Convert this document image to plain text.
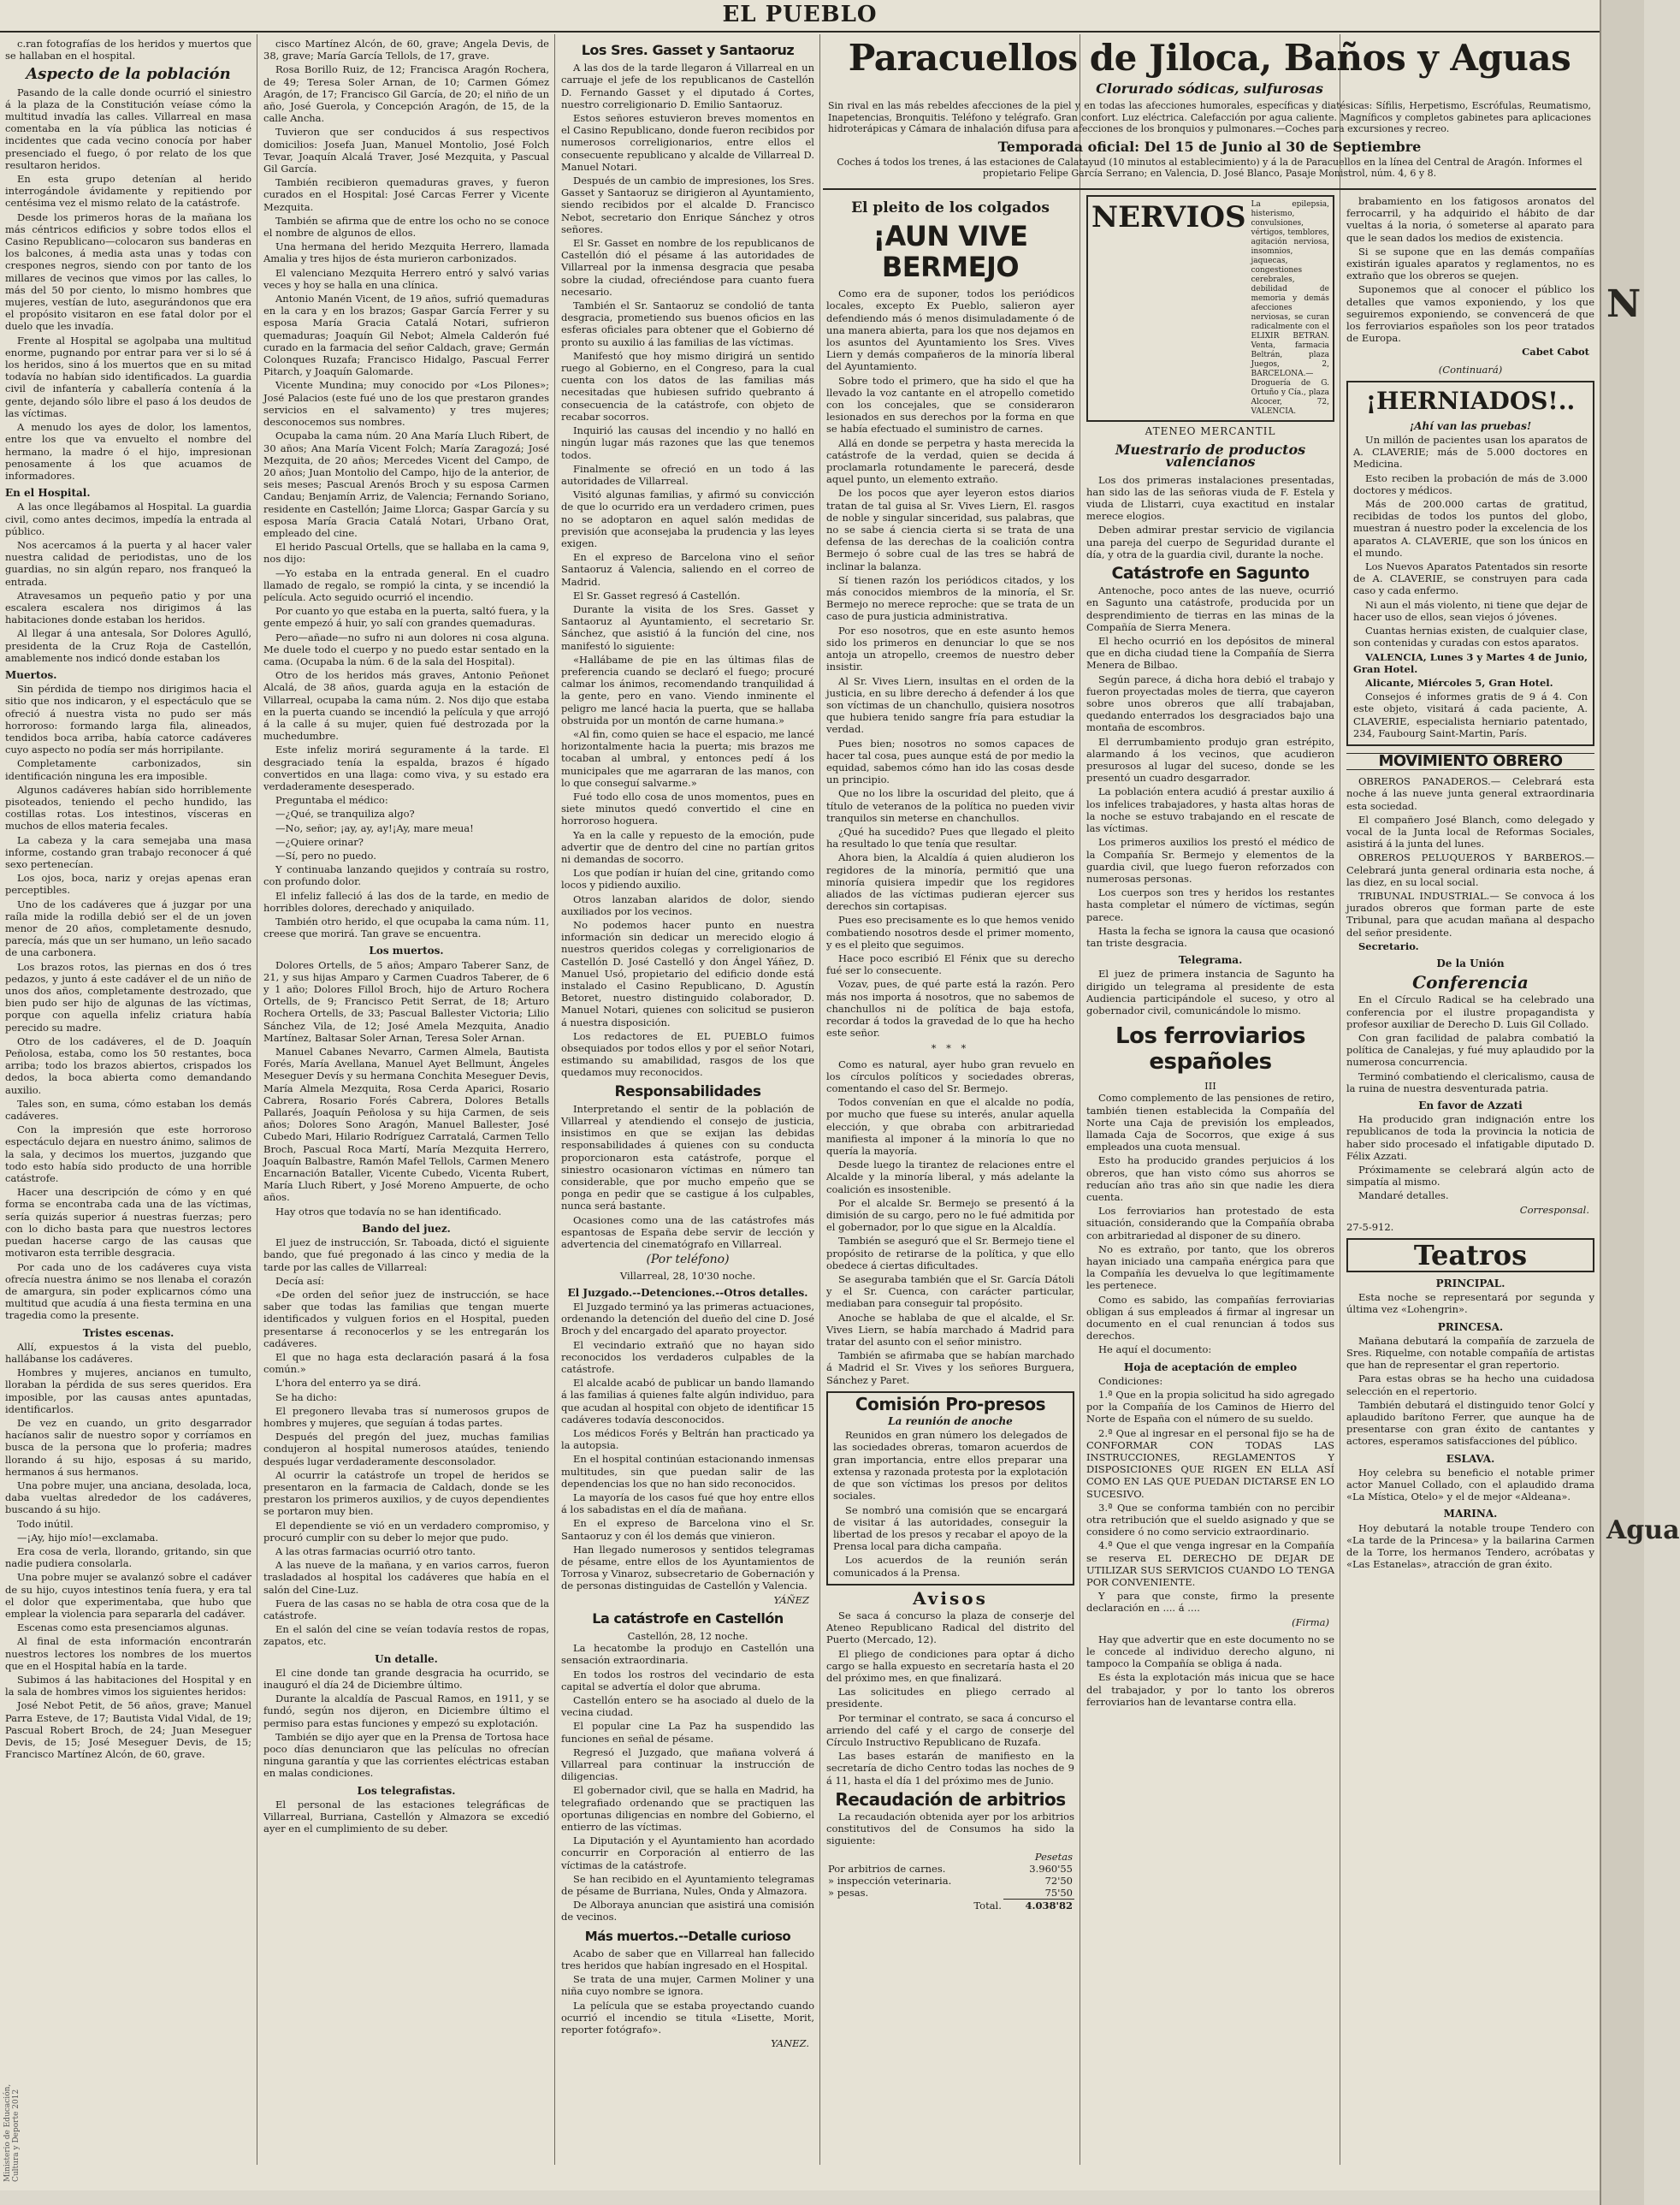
EL PUEBLO

c.ran fotografías de los heridos y muertos que se hallaban en el hospital.

Aspecto de la población

Pasando de la calle donde ocurrió el siniestro á la plaza de la Constitución veíase cómo la multitud invadía las calles. Villarreal en masa comentaba en la vía pública las noticias é incidentes que cada vecino conocía por haber presenciado el fuego, ó por relato de los que resultaron heridos.

En esta grupo detenían al herido interrogándole ávidamente y repitiendo por centésima vez el mismo relato de la catástrofe.

Desde los primeros horas de la mañana los más céntricos edificios y sobre todos ellos el Casino Republicano—colocaron sus banderas en los balcones, á media asta unas y todas con crespones negros, siendo con por tanto de los millares de vecinos que vimos por las calles, lo más del 50 por ciento, lo mismo hombres que mujeres, vestían de luto, asegurándonos que era el propósito visitaron en ese fatal dolor por el duelo que les invadía.

Frente al Hospital se agolpaba una multitud enorme, pugnando por entrar para ver si lo sé á los heridos, sino á los muertos que en su mitad todavía no habían sido identificados. La guardia civil de infantería y caballería contenía á la gente, dejando sólo libre el paso á los deudos de las víctimas.

A menudo los ayes de dolor, los lamentos, entre los que va envuelto el nombre del hermano, la madre ó el hijo, impresionan penosamente á los que acuamos de informadores.

En el Hospital.

A las once llegábamos al Hospital. La guardia civil, como antes decimos, impedía la entrada al público.

Nos acercamos á la puerta y al hacer valer nuestra calidad de periodistas, uno de los guardias, no sin algún reparo, nos franqueó la entrada.

Atravesamos un pequeño patio y por una escalera escalera nos dirigimos á las habitaciones donde estaban los heridos.

Al llegar á una antesala, Sor Dolores Agulló, presidenta de la Cruz Roja de Castellón, amablemente nos indicó donde estaban los

Muertos.

Sin pérdida de tiempo nos dirigimos hacia el sitio que nos indicaron, y el espectáculo que se ofreció á nuestra vista no pudo ser más horroroso: formando larga fila, alineados, tendidos boca arriba, había catorce cadáveres cuyo aspecto no podía ser más horripilante.

Completamente carbonizados, sin identificación ninguna les era imposible.

Algunos cadáveres habían sido horriblemente pisoteados, teniendo el pecho hundido, las costillas rotas. Los intestinos, vísceras en muchos de ellos materia fecales.

La cabeza y la cara semejaba una masa informe, costando gran trabajo reconocer á qué sexo pertenecían.

Los ojos, boca, nariz y orejas apenas eran perceptibles.

Uno de los cadáveres que á juzgar por una raíla mide la rodilla debió ser el de un joven menor de 20 años, completamente desnudo, parecía, más que un ser humano, un leño sacado de una carbonera.

Los brazos rotos, las piernas en dos ó tres pedazos, y junto á este cadáver el de un niño de unos dos años, completamente destrozado, que bien pudo ser hijo de algunas de las víctimas, porque con aquella infeliz criatura había perecido su madre.

Otro de los cadáveres, el de D. Joaquín Peñolosa, estaba, como los 50 restantes, boca arriba; todo los brazos abiertos, crispados los dedos, la boca abierta como demandando auxilio.

Tales son, en suma, cómo estaban los demás cadáveres.

Con la impresión que este horroroso espectáculo dejara en nuestro ánimo, salimos de la sala, y decimos los muertos, juzgando que todo esto había sido producto de una horrible catástrofe.

Hacer una descripción de cómo y en qué forma se encontraba cada una de las víctimas, sería quizás superior á nuestras fuerzas; pero con lo dicho basta para que nuestros lectores puedan hacerse cargo de las causas que motivaron esta terrible desgracia.

Por cada uno de los cadáveres cuya vista ofrecía nuestra ánimo se nos llenaba el corazón de amargura, sin poder explicarnos cómo una multitud que acudía á una fiesta termina en una tragedia como la presente.

Tristes escenas.

Allí, expuestos á la vista del pueblo, hallábanse los cadáveres.

Hombres y mujeres, ancianos en tumulto, lloraban la pérdida de sus seres queridos. Era imposible, por las causas antes apuntadas, identificarlos.

De vez en cuando, un grito desgarrador hacíanos salir de nuestro sopor y corríamos en busca de la persona que lo proferia; madres llorando á su hijo, esposas á su marido, hermanos á sus hermanos.

Una pobre mujer, una anciana, desolada, loca, daba vueltas alrededor de los cadáveres, buscando á su hijo.

Todo inútil.

—¡Ay, hijo mío!—exclamaba.

Era cosa de verla, llorando, gritando, sin que nadie pudiera consolarla.

Una pobre mujer se avalanzó sobre el cadáver de su hijo, cuyos intestinos tenía fuera, y era tal el dolor que experimentaba, que hubo que emplear la violencia para separarla del cadáver.

Escenas como esta presenciamos algunas.

Al final de esta información encontrarán nuestros lectores los nombres de los muertos que en el Hospital había en la tarde.

Subimos á las habitaciones del Hospital y en la sala de hombres vimos los siguientes heridos:

José Nebot Petit, de 56 años, grave; Manuel Parra Esteve, de 17; Bautista Vidal Vidal, de 19; Pascual Robert Broch, de 24; Juan Meseguer Devis, de 15; José Meseguer Devis, de 15; Francisco Martínez Alcón, de 60, grave.

cisco Martínez Alcón, de 60, grave; Angela Devis, de 38, grave; María García Tellols, de 17, grave.

Rosa Borillo Ruiz, de 12; Francisca Aragón Rochera, de 49; Teresa Soler Arnan, de 10; Carmen Gómez Aragón, de 17; Francisco Gil García, de 20; el niño de un año, José Guerola, y Concepción Aragón, de 15, de la calle Ancha.

Tuvieron que ser conducidos á sus respectivos domicilios: Josefa Juan, Manuel Montolio, José Folch Tevar, Joaquín Alcalá Traver, José Mezquita, y Pascual Gil García.

También recibieron quemaduras graves, y fueron curados en el Hospital: José Carcas Ferrer y Vicente Mezquita.

También se afirma que de entre los ocho no se conoce el nombre de algunos de ellos.

Una hermana del herido Mezquita Herrero, llamada Amalia y tres hijos de ésta murieron carbonizados.

El valenciano Mezquita Herrero entró y salvó varias veces y hoy se halla en una clínica.

Antonio Manén Vicent, de 19 años, sufrió quemaduras en la cara y en los brazos; Gaspar García Ferrer y su esposa María Gracia Catalá Notari, sufrieron quemaduras; Joaquín Gil Nebot; Almela Calderón fué curado en la farmacia del señor Caldach, grave; Germán Colonques Ruzafa; Francisco Hidalgo, Pascual Ferrer Pitarch, y Joaquín Galomarde.

Vicente Mundina; muy conocido por «Los Pilones»; José Palacios (este fué uno de los que prestaron grandes servicios en el salvamento) y tres mujeres; desconocemos sus nombres.

Ocupaba la cama núm. 20 Ana María Lluch Ribert, de 30 años; Ana María Vicent Folch; María Zaragozá; José Mezquita, de 20 años; Mercedes Vicent del Campo, de 20 años; Juan Montolio del Campo, hijo de la anterior, de seis meses; Pascual Arenós Broch y su esposa Carmen Candau; Benjamín Arriz, de Valencia; Fernando Soriano, residente en Castellón; Jaime Llorca; Gaspar García y su esposa María Gracia Catalá Notari, Urbano Orat, empleado del cine.

El herido Pascual Ortells, que se hallaba en la cama 9, nos dijo:

—Yo estaba en la entrada general. En el cuadro llamado de regalo, se rompió la cinta, y se incendió la película. Acto seguido ocurrió el incendio.

Por cuanto yo que estaba en la puerta, saltó fuera, y la gente empezó á huir, yo salí con grandes quemaduras.

Pero—añade—no sufro ni aun dolores ni cosa alguna. Me duele todo el cuerpo y no puedo estar sentado en la cama. (Ocupaba la núm. 6 de la sala del Hospital).

Otro de los heridos más graves, Antonio Peñonet Alcalá, de 38 años, guarda aguja en la estación de Villarreal, ocupaba la cama núm. 2. Nos dijo que estaba en la puerta cuando se incendió la película y que arrojó á la calle á su mujer, quien fué destrozada por la muchedumbre.

Este infeliz morirá seguramente á la tarde. El desgraciado tenía la espalda, brazos é hígado convertidos en una llaga: como viva, y su estado era verdaderamente desesperado.

Preguntaba el médico:

—¿Qué, se tranquiliza algo?

—No, señor; ¡ay, ay, ay!¡Ay, mare meua!

—¿Quiere orinar?

—Sí, pero no puedo.

Y continuaba lanzando quejidos y contraía su rostro, con profundo dolor.

El infeliz falleció á las dos de la tarde, en medio de horribles dolores, derechado y aniquilado.

También otro herido, el que ocupaba la cama núm. 11, creese que morirá. Tan grave se encuentra.

Los muertos.

Dolores Ortells, de 5 años; Amparo Taberer Sanz, de 21, y sus hijas Amparo y Carmen Cuadros Taberer, de 6 y 1 año; Dolores Fillol Broch, hijo de Arturo Rochera Ortells, de 9; Francisco Petit Serrat, de 18; Arturo Rochera Ortells, de 33; Pascual Ballester Victoria; Lilio Sánchez Vila, de 12; José Amela Mezquita, Anadio Martínez, Baltasar Soler Arnan, Teresa Soler Arnan.

Manuel Cabanes Nevarro, Carmen Almela, Bautista Forés, María Avellana, Manuel Ayet Bellmunt, Ángeles Meseguer Devís y su hermana Conchita Meseguer Devis, María Almela Mezquita, Rosa Cerda Aparici, Rosario Cabrera, Rosario Forés Cabrera, Dolores Betalls Pallarés, Joaquín Peñolosa y su hija Carmen, de seis años; Dolores Sono Aragón, Manuel Ballester, José Cubedo Mari, Hilario Rodríguez Carratalá, Carmen Tello Broch, Pascual Roca Martí, María Mezquita Herrero, Joaquín Balbastre, Ramón Mafel Tellols, Carmen Menero Encarnación Bataller, Vicente Cubedo, Vicenta Rubert, María Lluch Ribert, y José Moreno Ampuerte, de ocho años.

Hay otros que todavía no se han identificado.

Bando del juez.

El juez de instrucción, Sr. Taboada, dictó el siguiente bando, que fué pregonado á las cinco y media de la tarde por las calles de Villarreal:

Decía así:

«De orden del señor juez de instrucción, se hace saber que todas las familias que tengan muerte identificados y vulguen forios en el Hospital, pueden presentarse á reconocerlos y se les entregarán los cadáveres.

El que no haga esta declaración pasará á la fosa común.»

L'hora del enterro ya se dirá.

Se ha dicho:

El pregonero llevaba tras sí numerosos grupos de hombres y mujeres, que seguían á todas partes.

Después del pregón del juez, muchas familias condujeron al hospital numerosos ataúdes, teniendo después lugar verdaderamente desconsolador.

Al ocurrir la catástrofe un tropel de heridos se presentaron en la farmacia de Caldach, donde se les prestaron los primeros auxilios, y de cuyos dependientes se portaron muy bien.

El dependiente se vió en un verdadero compromiso, y procuró cumplir con su deber lo mejor que pudo.

A las otras farmacias ocurrió otro tanto.

A las nueve de la mañana, y en varios carros, fueron trasladados al hospital los cadáveres que había en el salón del Cine-Luz.

Fuera de las casas no se habla de otra cosa que de la catástrofe.

En el salón del cine se veían todavía restos de ropas, zapatos, etc.

Un detalle.

El cine donde tan grande desgracia ha ocurrido, se inauguró el día 24 de Diciembre último.

Durante la alcaldía de Pascual Ramos, en 1911, y se fundó, según nos dijeron, en Diciembre último el permiso para estas funciones y empezó su explotación.

También se dijo ayer que en la Prensa de Tortosa hace poco días denunciaron que las películas no ofrecían ninguna garantía y que las corrientes eléctricas estaban en malas condiciones.

Los telegrafistas.

El personal de las estaciones telegráficas de Villarreal, Burriana, Castellón y Almazora se excedió ayer en el cumplimiento de su deber.

Los Sres. Gasset y Santaoruz

A las dos de la tarde llegaron á Villarreal en un carruaje el jefe de los republicanos de Castellón D. Fernando Gasset y el diputado á Cortes, nuestro correligionario D. Emilio Santaoruz.

Estos señores estuvieron breves momentos en el Casino Republicano, donde fueron recibidos por numerosos correligionarios, entre ellos el consecuente republicano y alcalde de Villarreal D. Manuel Notari.

Después de un cambio de impresiones, los Sres. Gasset y Santaoruz se dirigieron al Ayuntamiento, siendo recibidos por el alcalde D. Francisco Nebot, secretario don Enrique Sánchez y otros señores.

El Sr. Gasset en nombre de los republicanos de Castellón dió el pésame á las autoridades de Villarreal por la inmensa desgracia que pesaba sobre la ciudad, ofreciéndose para cuanto fuera necesario.

También el Sr. Santaoruz se condolió de tanta desgracia, prometiendo sus buenos oficios en las esferas oficiales para obtener que el Gobierno dé pronto su auxilio á las familias de las víctimas.

Manifestó que hoy mismo dirigirá un sentido ruego al Gobierno, en el Congreso, para la cual cuenta con los datos de las familias más necesitadas que hubiesen sufrido quebranto á consecuencia de la catástrofe, con objeto de recabar socorros.

Inquirió las causas del incendio y no halló en ningún lugar más razones que las que tenemos todos.

Finalmente se ofreció en un todo á las autoridades de Villarreal.

Visitó algunas familias, y afirmó su convicción de que lo ocurrido era un verdadero crimen, pues no se adoptaron en aquel salón medidas de previsión que aconsejaba la prudencia y las leyes exigen.

En el expreso de Barcelona vino el señor Santaoruz á Valencia, saliendo en el correo de Madrid.

El Sr. Gasset regresó á Castellón.

Durante la visita de los Sres. Gasset y Santaoruz al Ayuntamiento, el secretario Sr. Sánchez, que asistió á la función del cine, nos manifestó lo siguiente:

«Hallábame de pie en las últimas filas de preferencia cuando se declaró el fuego; procuré calmar los ánimos, recomendando tranquilidad á la gente, pero en vano. Viendo inminente el peligro me lancé hacia la puerta, que se hallaba obstruida por un montón de carne humana.»

«Al fin, como quien se hace el espacio, me lancé horizontalmente hacia la puerta; mis brazos me tocaban al umbral, y entonces pedí á los municipales que me agarraran de las manos, con lo que conseguí salvarme.»

Fué todo ello cosa de unos momentos, pues en siete minutos quedó convertido el cine en horroroso hoguera.

Ya en la calle y repuesto de la emoción, pude advertir que de dentro del cine no partían gritos ni demandas de socorro.

Los que podían ir huían del cine, gritando como locos y pidiendo auxilio.

Otros lanzaban alaridos de dolor, siendo auxiliados por los vecinos.

No podemos hacer punto en nuestra información sin dedicar un merecido elogio á nuestros queridos colegas y correligionarios de Castellón D. José Castelló y don Ángel Yáñez, D. Manuel Usó, propietario del edificio donde está instalado el Casino Republicano, D. Agustín Betoret, nuestro distinguido colaborador, D. Manuel Notari, quienes con solicitud se pusieron á nuestra disposición.

Los redactores de EL PUEBLO fuimos obsequiados por todos ellos y por el señor Notari, estimando su amabilidad, rasgos de los que quedamos muy reconocidos.

Responsabilidades

Interpretando el sentir de la población de Villarreal y atendiendo el consejo de justicia, insistimos en que se exijan las debidas responsabilidades á quienes con su conducta proporcionaron esta catástrofe, porque el siniestro ocasionaron víctimas en número tan considerable, que por mucho empeño que se ponga en pedir que se castigue á los culpables, nunca será bastante.

Ocasiones como una de las catástrofes más espantosas de España debe servir de lección y advertencia del cinematógrafo en Villarreal.

(Por teléfono)
Villarreal, 28, 10'30 noche.
El Juzgado.--Detenciones.--Otros detalles.

El Juzgado terminó ya las primeras actuaciones, ordenando la detención del dueño del cine D. José Broch y del encargado del aparato proyector.

El vecindario extrañó que no hayan sido reconocidos los verdaderos culpables de la catástrofe.

El alcalde acabó de publicar un bando llamando á las familias á quienes falte algún individuo, para que acudan al hospital con objeto de identificar 15 cadáveres todavía desconocidos.

Los médicos Forés y Beltrán han practicado ya la autopsia.

En el hospital continúan estacionando inmensas multitudes, sin que puedan salir de las dependencias los que no han sido reconocidos.

La mayoría de los casos fué que hoy entre ellos á los sabadistas en el día de mañana.

En el expreso de Barcelona vino el Sr. Santaoruz y con él los demás que vinieron.

Han llegado numerosos y sentidos telegramas de pésame, entre ellos de los Ayuntamientos de Torrosa y Vinaroz, subsecretario de Gobernación y de personas distinguidas de Castellón y Valencia.

YÁÑEZ
La catástrofe en Castellón
Castellón, 28, 12 noche.

La hecatombe la produjo en Castellón una sensación extraordinaria.

En todos los rostros del vecindario de esta capital se advertía el dolor que abruma.

Castellón entero se ha asociado al duelo de la vecina ciudad.

El popular cine La Paz ha suspendido las funciones en señal de pésame.

Regresó el Juzgado, que mañana volverá á Villarreal para continuar la instrucción de diligencias.

El gobernador civil, que se halla en Madrid, ha telegrafiado ordenando que se practiquen las oportunas diligencias en nombre del Gobierno, el entierro de las víctimas.

La Diputación y el Ayuntamiento han acordado concurrir en Corporación al entierro de las víctimas de la catástrofe.

Se han recibido en el Ayuntamiento telegramas de pésame de Burriana, Nules, Onda y Almazora.

De Alboraya anuncian que asistirá una comisión de vecinos.

Más muertos.--Detalle curioso

Acabo de saber que en Villarreal han fallecido tres heridos que habían ingresado en el Hospital.

Se trata de una mujer, Carmen Moliner y una niña cuyo nombre se ignora.

La película que se estaba proyectando cuando ocurrió el incendio se titula «Lisette, Morit, reporter fotógrafo».

YANEZ.
Paracuellos de Jiloca, Baños y Aguas
Clorurado sódicas, sulfurosas
Sin rival en las más rebeldes afecciones de la piel y en todas las afecciones humorales, específicas y diatésicas: Sífilis, Herpetismo, Escrófulas, Reumatismo, Inapetencias, Bronquitis. Teléfono y telégrafo. Gran confort. Luz eléctrica. Calefacción por agua caliente. Magníficos y completos gabinetes para aplicaciones hidroterápicas y Cámara de inhalación difusa para afecciones de los bronquios y pulmonares.—Coches para excursiones y recreo.
Temporada oficial: Del 15 de Junio al 30 de Septiembre
Coches á todos los trenes, á las estaciones de Calatayud (10 minutos al establecimiento) y á la de Paracuellos en la línea del Central de Aragón. Informes el propietario Felipe García Serrano; en Valencia, D. José Blanco, Pasaje Monistrol, núm. 4, 6 y 8.
El pleito de los colgados
¡AUN VIVE BERMEJO

Como era de suponer, todos los periódicos locales, excepto Ex Pueblo, salieron ayer defendiendo más ó menos disimuladamente ó de una manera abierta, para los que nos dejamos en los asuntos del Ayuntamiento los Sres. Vives Liern y demás compañeros de la minoría liberal del Ayuntamiento.

Sobre todo el primero, que ha sido el que ha llevado la voz cantante en el atropello cometido con los concejales, que se consideraron lesionados en sus derechos por la forma en que se había efectuado el suministro de carnes.

Allá en donde se perpetra y hasta merecida la catástrofe de la verdad, quien se decida á proclamarla rotundamente le parecerá, desde aquel punto, un elemento extraño.

De los pocos que ayer leyeron estos diarios tratan de tal guisa al Sr. Vives Liern, El. rasgos de noble y singular sinceridad, sus palabras, que no se sabe á ciencia cierta si se trata de una defensa de las derechas de la coalición contra Bermejo ó sobre cual de las tres se habrá de inclinar la balanza.

Sí tienen razón los periódicos citados, y los más conocidos miembros de la minoría, el Sr. Bermejo no merece reproche: que se trata de un caso de pura justicia administrativa.

Por eso nosotros, que en este asunto hemos sido los primeros en denunciar lo que se nos antoja un atropello, creemos de nuestro deber insistir.

Al Sr. Vives Liern, insultas en el orden de la justicia, en su libre derecho á defender á los que son víctimas de un chanchullo, quisiera nosotros que hubiera tenido sangre fría para estudiar la verdad.

Pues bien; nosotros no somos capaces de hacer tal cosa, pues aunque está de por medio la equidad, sabemos cómo han ido las cosas desde un principio.

Que no los libre la oscuridad del pleito, que á título de veteranos de la política no pueden vivir tranquilos sin meterse en chanchullos.

¿Qué ha sucedido? Pues que llegado el pleito ha resultado lo que tenía que resultar.

Ahora bien, la Alcaldía á quien aludieron los regidores de la minoría, permitió que una minoría quisiera impedir que los regidores aliados de las víctimas pudieran ejercer sus derechos sin cortapisas.

Pues eso precisamente es lo que hemos venido combatiendo nosotros desde el primer momento, y es el pleito que seguimos.

Hace poco escribió El Fénix que su derecho fué ser lo consecuente.

Vozav, pues, de qué parte está la razón. Pero más nos importa á nosotros, que no sabemos de chanchullos ni de política de baja estofa, recordar á todos la gravedad de lo que ha hecho este señor.

* * *

Como es natural, ayer hubo gran revuelo en los círculos políticos y sociedades obreras, comentando el caso del Sr. Bermejo.

Todos convenían en que el alcalde no podía, por mucho que fuese su interés, anular aquella elección, y que obraba con arbitrariedad manifiesta al imponer á la minoría lo que no quería la mayoría.

Desde luego la tirantez de relaciones entre el Alcalde y la minoría liberal, y más adelante la coalición es insostenible.

Por el alcalde Sr. Bermejo se presentó á la dimisión de su cargo, pero no le fué admitida por el gobernador, por lo que sigue en la Alcaldía.

También se aseguró que el Sr. Bermejo tiene el propósito de retirarse de la política, y que ello obedece á ciertas dificultades.

Se aseguraba también que el Sr. García Dátoli y el Sr. Cuenca, con carácter particular, mediaban para conseguir tal propósito.

Anoche se hablaba de que el alcalde, el Sr. Vives Liern, se había marchado á Madrid para tratar del asunto con el señor ministro.

También se afirmaba que se habían marchado á Madrid el Sr. Vives y los señores Burguera, Sánchez y Paret.

Comisión Pro-presos
La reunión de anoche

Reunidos en gran número los delegados de las sociedades obreras, tomaron acuerdos de gran importancia, entre ellos preparar una extensa y razonada protesta por la explotación de que son víctimas los presos por delitos sociales.

Se nombró una comisión que se encargará de visitar á las autoridades, conseguir la libertad de los presos y recabar el apoyo de la Prensa local para dicha campaña.

Los acuerdos de la reunión serán comunicados á la Prensa.

Avisos

Se saca á concurso la plaza de conserje del Ateneo Republicano Radical del distrito del Puerto (Mercado, 12).

El pliego de condiciones para optar á dicho cargo se halla expuesto en secretaría hasta el 20 del próximo mes, en que finalizará.

Las solicitudes en pliego cerrado al presidente.

Por terminar el contrato, se saca á concurso el arriendo del café y el cargo de conserje del Círculo Instructivo Republicano de Ruzafa.

Las bases estarán de manifiesto en la secretaría de dicho Centro todas las noches de 9 á 11, hasta el día 1 del próximo mes de Junio.

Recaudación de arbitrios

La recaudación obtenida ayer por los arbitrios constitutivos del de Consumos ha sido la siguiente:

	Pesetas
Por arbitrios de carnes.	3.960'55
» inspección veterinaria.	72'50
» pesas.	75'50
Total.	4.038'82
NERVIOS La epilepsia, histerismo, convulsiones, vértigos, temblores, agitación nerviosa, insomnios, jaquecas, congestiones cerebrales, debilidad de memoria y demás afecciones nerviosas, se curan radicalmente con el ELIXIR BETRAN. Venta, farmacia Beltrán, plaza Juegos, 2, BARCELONA.—Droguería de G. Ortuño y Cía., plaza Alcocer, 72, VALENCIA.
ATENEO MERCANTIL
Muestrario de productos valencianos

Los dos primeras instalaciones presentadas, han sido las de las señoras viuda de F. Estela y viuda de Llistarri, cuya exactitud en instalar merece elogios.

Deben admirar prestar servicio de vigilancia una pareja del cuerpo de Seguridad durante el día, y otra de la guardia civil, durante la noche.

Catástrofe en Sagunto

Antenoche, poco antes de las nueve, ocurrió en Sagunto una catástrofe, producida por un desprendimiento de tierras en las minas de la Compañía de Sierra Menera.

El hecho ocurrió en los depósitos de mineral que en dicha ciudad tiene la Compañía de Sierra Menera de Bilbao.

Según parece, á dicha hora debió el trabajo y fueron proyectadas moles de tierra, que cayeron sobre unos obreros que allí trabajaban, quedando enterrados los desgraciados bajo una montaña de escombros.

El derrumbamiento produjo gran estrépito, alarmando á los vecinos, que acudieron presurosos al lugar del suceso, donde se les presentó un cuadro desgarrador.

La población entera acudió á prestar auxilio á los infelices trabajadores, y hasta altas horas de la noche se estuvo trabajando en el rescate de las víctimas.

Los primeros auxilios los prestó el médico de la Compañía Sr. Bermejo y elementos de la guardia civil, que luego fueron reforzados con numerosas personas.

Los cuerpos son tres y heridos los restantes hasta completar el número de víctimas, según parece.

Hasta la fecha se ignora la causa que ocasionó tan triste desgracia.

Telegrama.

El juez de primera instancia de Sagunto ha dirigido un telegrama al presidente de esta Audiencia participándole el suceso, y otro al gobernador civil, comunicándole lo mismo.

Los ferroviarios españoles
III

Como complemento de las pensiones de retiro, también tienen establecida la Compañía del Norte una Caja de previsión los empleados, llamada Caja de Socorros, que exige á sus empleados una cuota mensual.

Esto ha producido grandes perjuicios á los obreros, que han visto cómo sus ahorros se reducían año tras año sin que nadie les diera cuenta.

Los ferroviarios han protestado de esta situación, considerando que la Compañía obraba con arbitrariedad al disponer de su dinero.

No es extraño, por tanto, que los obreros hayan iniciado una campaña enérgica para que la Compañía les devuelva lo que legítimamente les pertenece.

Como es sabido, las compañías ferroviarias obligan á sus empleados á firmar al ingresar un documento en el cual renuncian á todos sus derechos.

He aquí el documento:

Hoja de aceptación de empleo

Condiciones:

1.ª Que en la propia solicitud ha sido agregado por la Compañía de los Caminos de Hierro del Norte de España con el número de su sueldo.

2.ª Que al ingresar en el personal fijo se ha de CONFORMAR CON TODAS LAS INSTRUCCIONES, REGLAMENTOS Y DISPOSICIONES QUE RIGEN EN ELLA ASÍ COMO EN LAS QUE PUEDAN DICTARSE EN LO SUCESIVO.

3.ª Que se conforma también con no percibir otra retribución que el sueldo asignado y que se considere ó no como servicio extraordinario.

4.ª Que el que venga ingresar en la Compañía se reserva EL DERECHO DE DEJAR DE UTILIZAR SUS SERVICIOS CUANDO LO TENGA POR CONVENIENTE.

Y para que conste, firmo la presente declaración en .... á ....

(Firma)

Hay que advertir que en este documento no se le concede al individuo derecho alguno, ni tampoco la Compañía se obliga á nada.

Es ésta la explotación más inicua que se hace del trabajador, y por lo tanto los obreros ferroviarios han de levantarse contra ella.

brabamiento en los fatigosos aronatos del ferrocarril, y ha adquirido el hábito de dar vueltas á la noria, ó someterse al aparato para que le sean dados los medios de existencia.

Si se supone que en las demás compañías existirán iguales aparatos y reglamentos, no es extraño que los obreros se quejen.

Suponemos que al conocer el público los detalles que vamos exponiendo, y los que seguiremos exponiendo, se convencerá de que los ferroviarios españoles son los peor tratados de Europa.

Cabet Cabot
(Continuará)
¡HERNIADOS!..
¡Ahí van las pruebas!

Un millón de pacientes usan los aparatos de A. CLAVERIE; más de 5.000 doctores en Medicina.

Esto reciben la probación de más de 3.000 doctores y médicos.

Más de 200.000 cartas de gratitud, recibidas de todos los puntos del globo, muestran á nuestro poder la excelencia de los aparatos A. CLAVERIE, que son los únicos en el mundo.

Los Nuevos Aparatos Patentados sin resorte de A. CLAVERIE, se construyen para cada caso y cada enfermo.

Ni aun el más violento, ni tiene que dejar de hacer uso de ellos, sean viejos ó jóvenes.

Cuantas hernias existen, de cualquier clase, son contenidas y curadas con estos aparatos.

VALENCIA, Lunes 3 y Martes 4 de Junio, Gran Hotel.

Alicante, Miércoles 5, Gran Hotel.

Consejos é informes gratis de 9 á 4. Con este objeto, visitará á cada paciente, A. CLAVERIE, especialista herniario patentado, 234, Faubourg Saint-Martin, París.

MOVIMIENTO OBRERO

OBREROS PANADEROS.— Celebrará esta noche á las nueve junta general extraordinaria esta sociedad.

El compañero José Blanch, como delegado y vocal de la Junta local de Reformas Sociales, asistirá á la junta del lunes.

OBREROS PELUQUEROS Y BARBEROS.— Celebrará junta general ordinaria esta noche, á las diez, en su local social.

TRIBUNAL INDUSTRIAL.— Se convoca á los jurados obreros que forman parte de este Tribunal, para que acudan mañana al despacho del señor presidente.

Secretario.

De la Unión
Conferencia

En el Círculo Radical se ha celebrado una conferencia por el ilustre propagandista y profesor auxiliar de Derecho D. Luis Gil Collado.

Con gran facilidad de palabra combatió la política de Canalejas, y fué muy aplaudido por la numerosa concurrencia.

Terminó combatiendo el clericalismo, causa de la ruina de nuestra desventurada patria.

En favor de Azzati

Ha producido gran indignación entre los republicanos de toda la provincia la noticia de haber sido procesado el infatigable diputado D. Félix Azzati.

Próximamente se celebrará algún acto de simpatía al mismo.

Mandaré detalles.

Corresponsal.
27-5-912.
Teatros
PRINCIPAL.

Esta noche se representará por segunda y última vez «Lohengrin».

PRINCESA.

Mañana debutará la compañía de zarzuela de Sres. Riquelme, con notable compañía de artistas que han de representar el gran repertorio.

Para estas obras se ha hecho una cuidadosa selección en el repertorio.

También debutará el distinguido tenor Golcí y aplaudido barítono Ferrer, que aunque ha de presentarse con gran éxito de cantantes y actores, esperamos satisfacciones del público.

ESLAVA.

Hoy celebra su beneficio el notable primer actor Manuel Collado, con el aplaudido drama «La Mística, Otelo» y el de mejor «Aldeana».

MARINA.

Hoy debutará la notable troupe Tendero con «La tarde de la Princesa» y la bailarina Carmen de la Torre, los hermanos Tendero, acróbatas y «Las Estanelas», atracción de gran éxito.

Ministerio de Educación, Cultura y Deporte 2012
N
Agua
